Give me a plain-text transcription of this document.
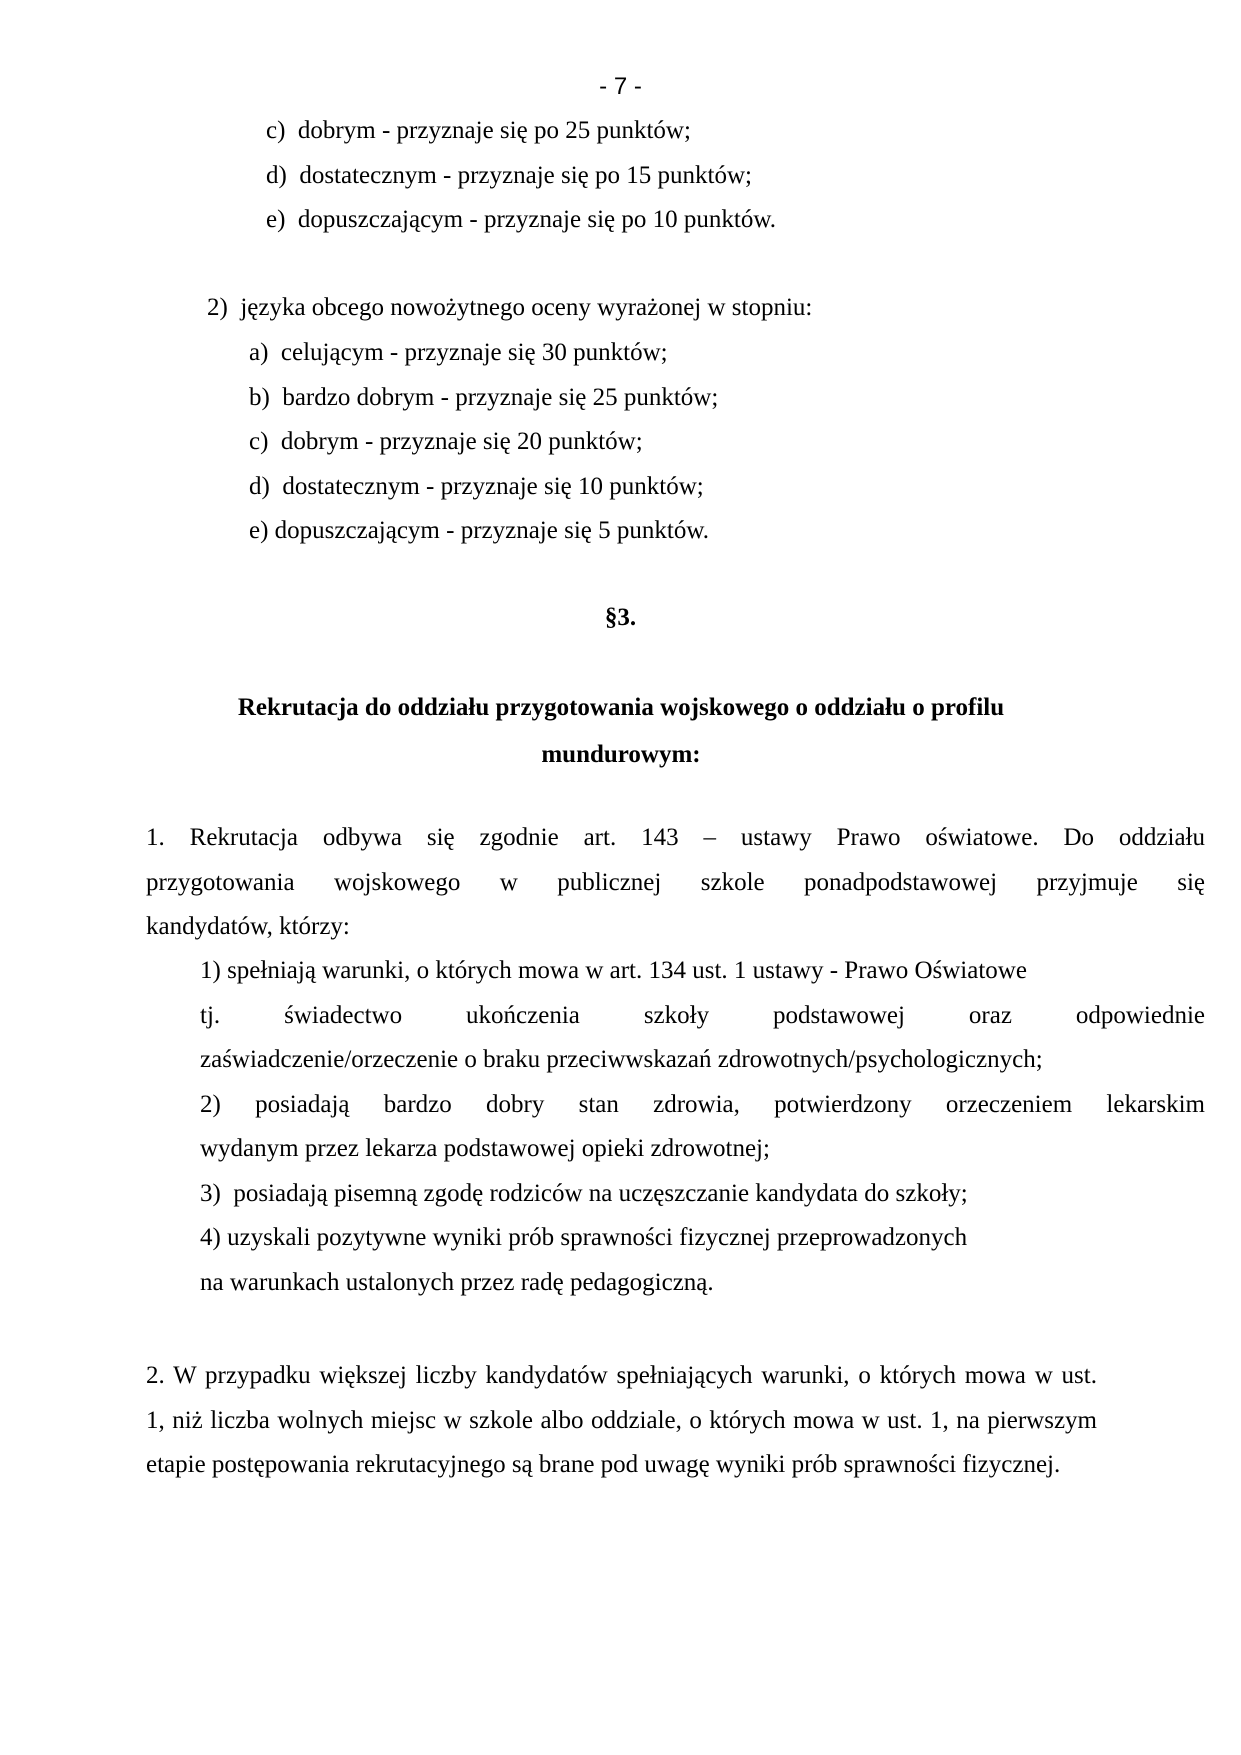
- 7 -
c)  dobrym - przyznaje się po 25 punktów;
d)  dostatecznym - przyznaje się po 15 punktów;
e)  dopuszczającym - przyznaje się po 10 punktów.
2)  języka obcego nowożytnego oceny wyrażonej w stopniu:
a)  celującym - przyznaje się 30 punktów;
b)  bardzo dobrym - przyznaje się 25 punktów;
c)  dobrym - przyznaje się 20 punktów;
d)  dostatecznym - przyznaje się 10 punktów;
e) dopuszczającym - przyznaje się 5 punktów.
§3.
Rekrutacja do oddziału przygotowania wojskowego o oddziału o profilu
mundurowym:
1. Rekrutacja odbywa się zgodnie art. 143 – ustawy Prawo oświatowe. Do oddziału
przygotowania wojskowego w publicznej szkole ponadpodstawowej przyjmuje się
kandydatów, którzy:
1) spełniają warunki, o których mowa w art. 134 ust. 1 ustawy - Prawo Oświatowe
tj. świadectwo ukończenia szkoły podstawowej oraz odpowiednie
zaświadczenie/orzeczenie o braku przeciwwskazań zdrowotnych/psychologicznych;
2) posiadają bardzo dobry stan zdrowia, potwierdzony orzeczeniem lekarskim
wydanym przez lekarza podstawowej opieki zdrowotnej;
3)  posiadają pisemną zgodę rodziców na uczęszczanie kandydata do szkoły;
4) uzyskali pozytywne wyniki prób sprawności fizycznej przeprowadzonych
na warunkach ustalonych przez radę pedagogiczną.
2. W przypadku większej liczby kandydatów spełniających warunki, o których mowa w ust.
1, niż liczba wolnych miejsc w szkole albo oddziale, o których mowa w ust. 1, na pierwszym
etapie postępowania rekrutacyjnego są brane pod uwagę wyniki prób sprawności fizycznej.
